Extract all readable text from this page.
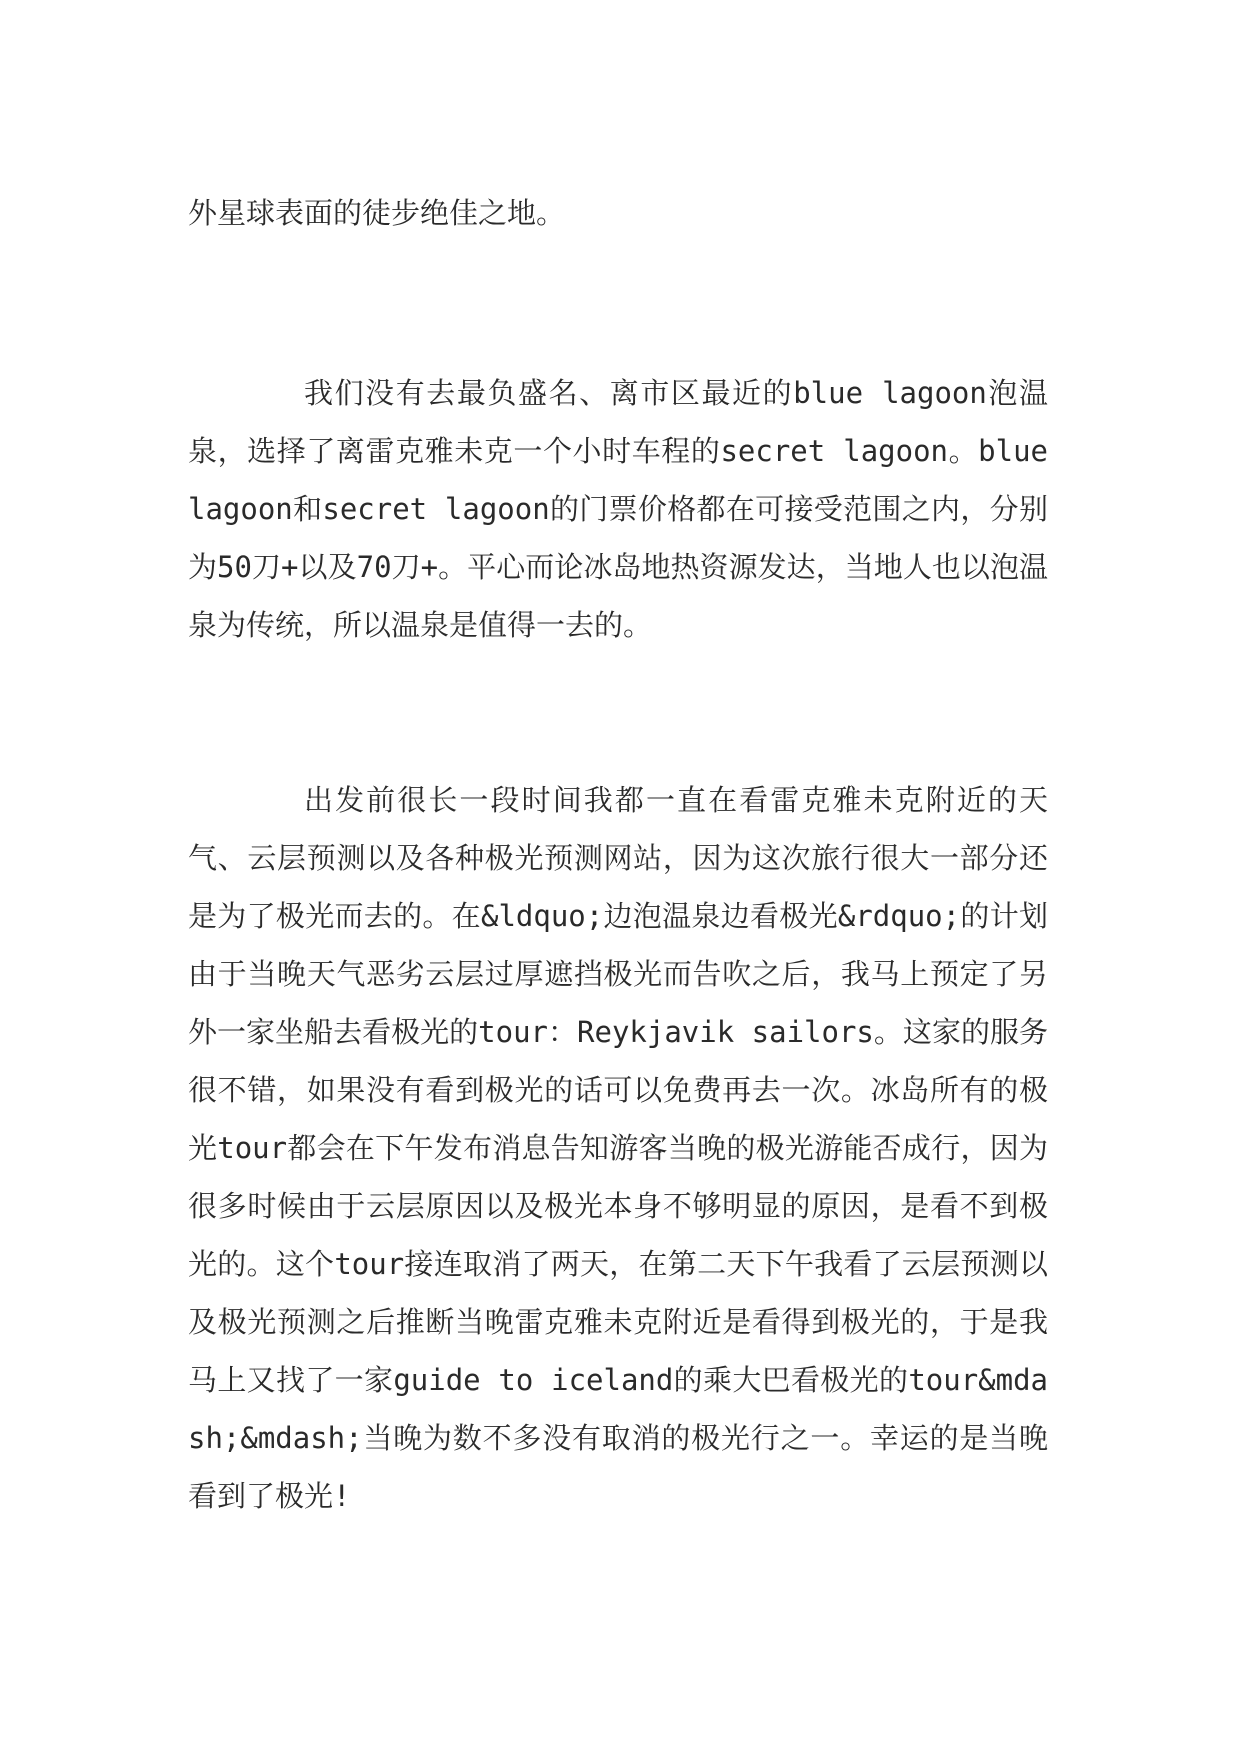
外星球表面的徒步绝佳之地。

我们没有去最负盛名、离市区最近的blue lagoon泡温泉，选择了离雷克雅未克一个小时车程的secret lagoon。blue lagoon和secret lagoon的门票价格都在可接受范围之内，分别为50刀+以及70刀+。平心而论冰岛地热资源发达，当地人也以泡温泉为传统，所以温泉是值得一去的。

出发前很长一段时间我都一直在看雷克雅未克附近的天气、云层预测以及各种极光预测网站，因为这次旅行很大一部分还是为了极光而去的。在&ldquo;边泡温泉边看极光&rdquo;的计划由于当晚天气恶劣云层过厚遮挡极光而告吹之后，我马上预定了另外一家坐船去看极光的tour：Reykjavik sailors。这家的服务很不错，如果没有看到极光的话可以免费再去一次。冰岛所有的极光tour都会在下午发布消息告知游客当晚的极光游能否成行，因为很多时候由于云层原因以及极光本身不够明显的原因，是看不到极光的。这个tour接连取消了两天，在第二天下午我看了云层预测以及极光预测之后推断当晚雷克雅未克附近是看得到极光的，于是我马上又找了一家guide to iceland的乘大巴看极光的tour&mdash;&mdash;当晚为数不多没有取消的极光行之一。幸运的是当晚看到了极光!
